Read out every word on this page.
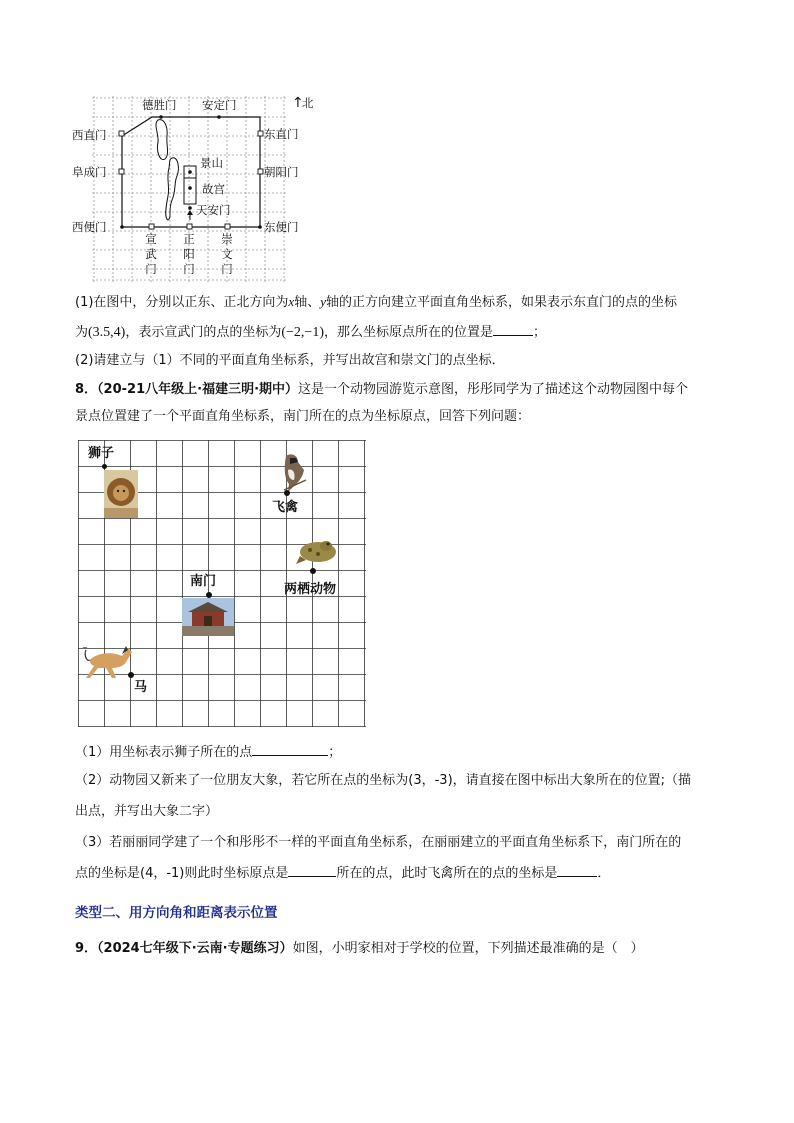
↑
北
德胜门 安定门
西直门	东直门
阜成门	朝阳门
景山
故宫
天安门
西便门	东便门
宣
武
门
正
阳
门
崇
文
门
(1)在图中，分别以正东、正北方向为x轴、y轴的正方向建立平面直角坐标系，如果表示东直门的点的坐标
为(3.5,4)，表示宣武门的点的坐标为(−2,−1)，那么坐标原点所在的位置是	；
(2)请建立与（1）不同的平面直角坐标系，并写出故宫和崇文门的点坐标．
8．（20-21八年级上·福建三明·期中）这是一个动物园游览示意图，彤彤同学为了描述这个动物园图中每个
景点位置建了一个平面直角坐标系，南门所在的点为坐标原点，回答下列问题：
狮子
飞禽
两栖动物
南门
~
马
（1）用坐标表示狮子所在的点	；
（2）动物园又新来了一位朋友大象，若它所在点的坐标为(3，-3)，请直接在图中标出大象所在的位置;（描
出点，并写出大象二字）
（3）若丽丽同学建了一个和彤彤不一样的平面直角坐标系，在丽丽建立的平面直角坐标系下，南门所在的
点的坐标是(4，-1)则此时坐标原点是	所在的点，此时飞禽所在的点的坐标是	．
类型二、用方向角和距离表示位置
9．（2024七年级下·云南·专题练习）如图，小明家相对于学校的位置，下列描述最准确的是（　）
